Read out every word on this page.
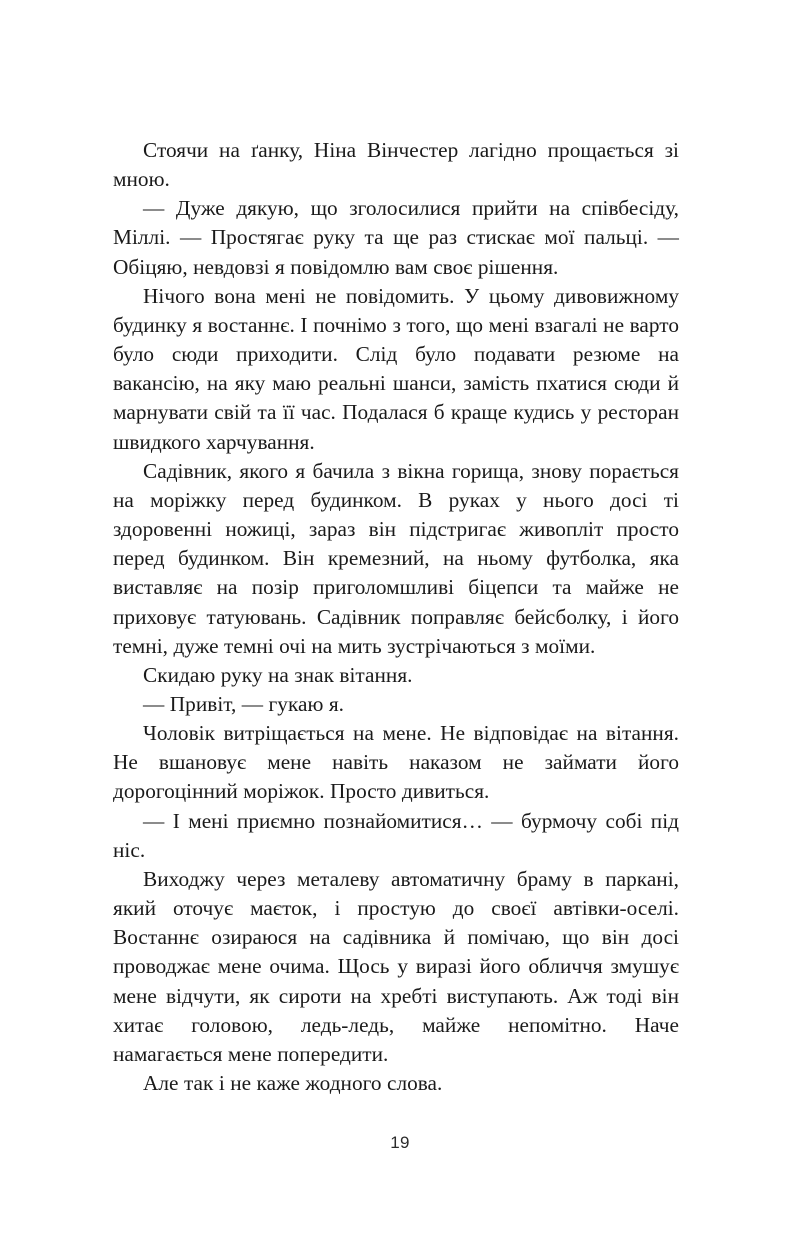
Стоячи на ґанку, Ніна Вінчестер лагідно прощається зі мною.

— Дуже дякую, що зголосилися прийти на співбесіду, Міллі. — Простягає руку та ще раз стискає мої пальці. — Обіцяю, невдовзі я повідомлю вам своє рішення.

Нічого вона мені не повідомить. У цьому дивовижному будинку я востаннє. І почнімо з того, що мені взагалі не варто було сюди приходити. Слід було подавати резюме на вакансію, на яку маю реальні шанси, замість пхатися сюди й марнувати свій та її час. Подалася б краще кудись у ресторан швидкого харчування.

Садівник, якого я бачила з вікна горища, знову порається на моріжку перед будинком. В руках у нього досі ті здоровенні ножиці, зараз він підстригає живопліт просто перед будинком. Він кремезний, на ньому футболка, яка виставляє на позір приголомшливі біцепси та майже не приховує татуювань. Садівник поправляє бейсболку, і його темні, дуже темні очі на мить зустрічаються з моїми.

Скидаю руку на знак вітання.

— Привіт, — гукаю я.

Чоловік витріщається на мене. Не відповідає на вітання. Не вшановує мене навіть наказом не займати його дорогоцінний моріжок. Просто дивиться.

— І мені приємно познайомитися… — бурмочу собі під ніс.

Виходжу через металеву автоматичну браму в паркані, який оточує маєток, і простую до своєї автівки-оселі. Востаннє озираюся на садівника й помічаю, що він досі проводжає мене очима. Щось у виразі його обличчя змушує мене відчути, як сироти на хребті виступають. Аж тоді він хитає головою, ледь-ледь, майже непомітно. Наче намагається мене попередити.

Але так і не каже жодного слова.

19
